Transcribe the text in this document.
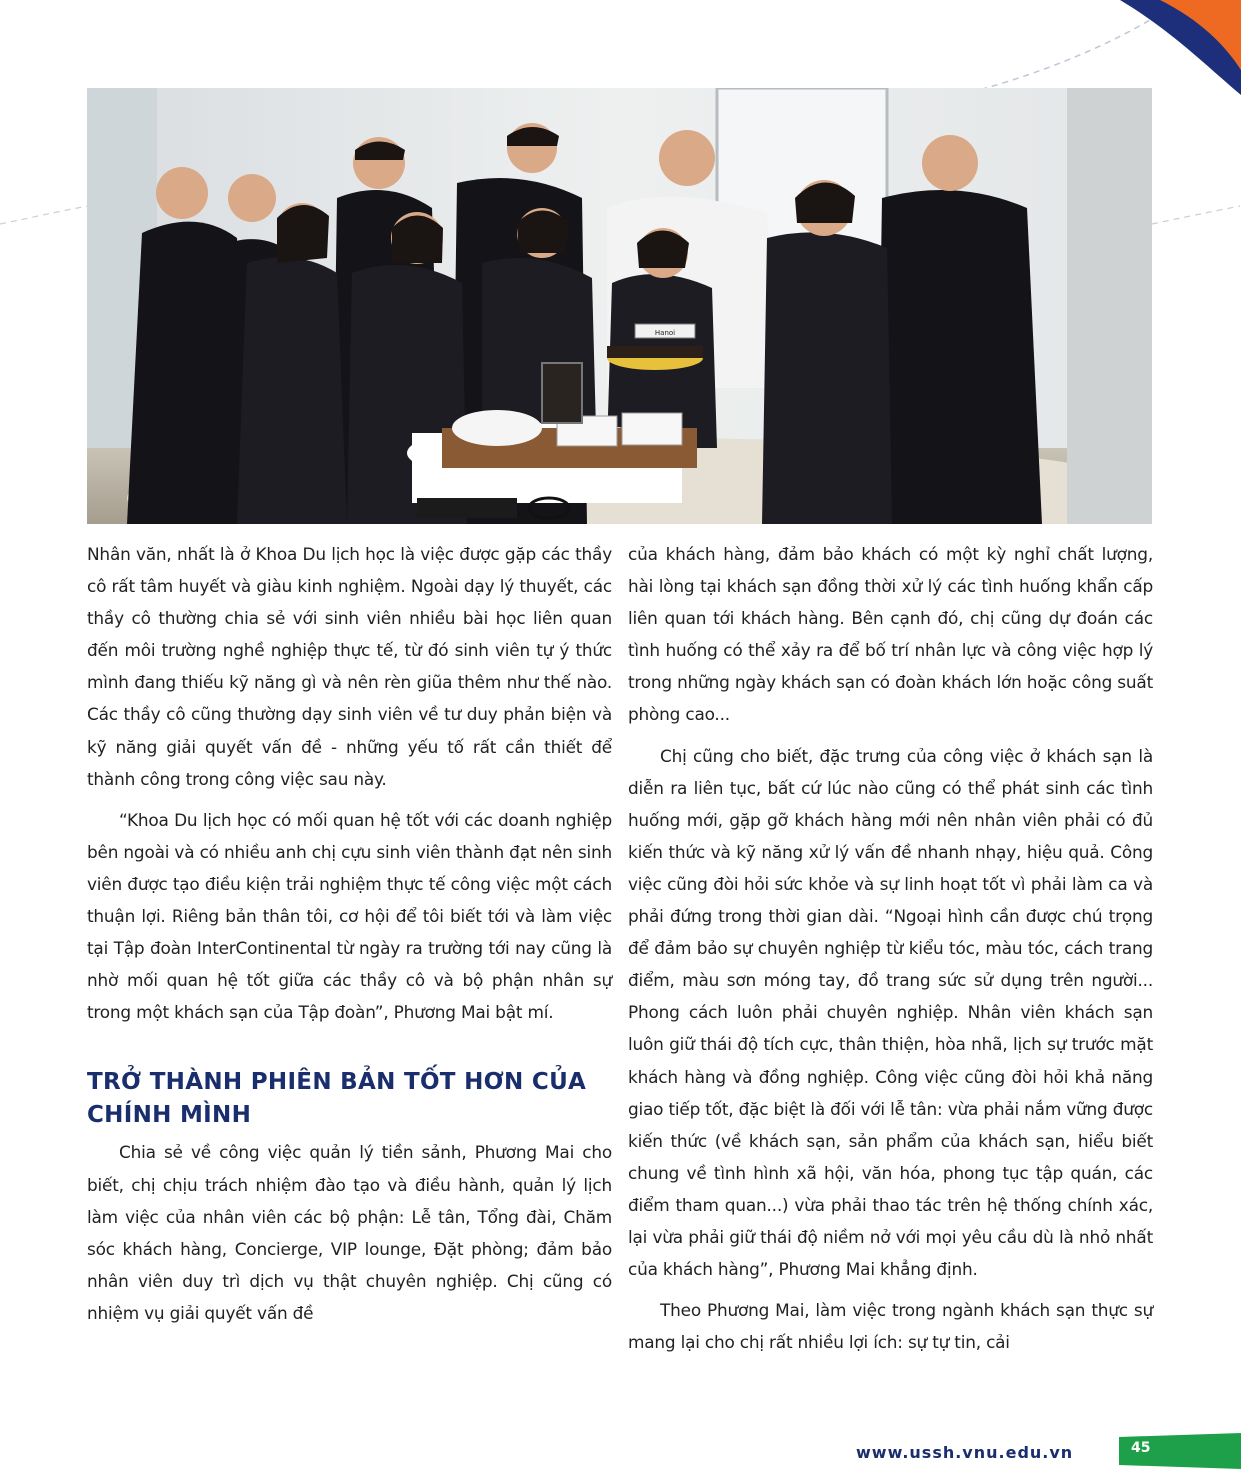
Hanoi

Nhân văn, nhất là ở Khoa Du lịch học là việc được gặp các thầy cô rất tâm huyết và giàu kinh nghiệm. Ngoài dạy lý thuyết, các thầy cô thường chia sẻ với sinh viên nhiều bài học liên quan đến môi trường nghề nghiệp thực tế, từ đó sinh viên tự ý thức mình đang thiếu kỹ năng gì và nên rèn giũa thêm như thế nào. Các thầy cô cũng thường dạy sinh viên về tư duy phản biện và kỹ năng giải quyết vấn đề - những yếu tố rất cần thiết để thành công trong công việc sau này.

“Khoa Du lịch học có mối quan hệ tốt với các doanh nghiệp bên ngoài và có nhiều anh chị cựu sinh viên thành đạt nên sinh viên được tạo điều kiện trải nghiệm thực tế công việc một cách thuận lợi. Riêng bản thân tôi, cơ hội để tôi biết tới và làm việc tại Tập đoàn InterContinental từ ngày ra trường tới nay cũng là nhờ mối quan hệ tốt giữa các thầy cô và bộ phận nhân sự trong một khách sạn của Tập đoàn”, Phương Mai bật mí.

TRỞ THÀNH PHIÊN BẢN TỐT HƠN CỦA CHÍNH MÌNH

Chia sẻ về công việc quản lý tiền sảnh, Phương Mai cho biết, chị chịu trách nhiệm đào tạo và điều hành, quản lý lịch làm việc của nhân viên các bộ phận: Lễ tân, Tổng đài, Chăm sóc khách hàng, Concierge, VIP lounge, Đặt phòng; đảm bảo nhân viên duy trì dịch vụ thật chuyên nghiệp. Chị cũng có nhiệm vụ giải quyết vấn đề

của khách hàng, đảm bảo khách có một kỳ nghỉ chất lượng, hài lòng tại khách sạn đồng thời xử lý các tình huống khẩn cấp liên quan tới khách hàng. Bên cạnh đó, chị cũng dự đoán các tình huống có thể xảy ra để bố trí nhân lực và công việc hợp lý trong những ngày khách sạn có đoàn khách lớn hoặc công suất phòng cao...

Chị cũng cho biết, đặc trưng của công việc ở khách sạn là diễn ra liên tục, bất cứ lúc nào cũng có thể phát sinh các tình huống mới, gặp gỡ khách hàng mới nên nhân viên phải có đủ kiến thức và kỹ năng xử lý vấn đề nhanh nhạy, hiệu quả. Công việc cũng đòi hỏi sức khỏe và sự linh hoạt tốt vì phải làm ca và phải đứng trong thời gian dài. “Ngoại hình cần được chú trọng để đảm bảo sự chuyên nghiệp từ kiểu tóc, màu tóc, cách trang điểm, màu sơn móng tay, đồ trang sức sử dụng trên người... Phong cách luôn phải chuyên nghiệp. Nhân viên khách sạn luôn giữ thái độ tích cực, thân thiện, hòa nhã, lịch sự trước mặt khách hàng và đồng nghiệp. Công việc cũng đòi hỏi khả năng giao tiếp tốt, đặc biệt là đối với lễ tân: vừa phải nắm vững được kiến thức (về khách sạn, sản phẩm của khách sạn, hiểu biết chung về tình hình xã hội, văn hóa, phong tục tập quán, các điểm tham quan...) vừa phải thao tác trên hệ thống chính xác, lại vừa phải giữ thái độ niềm nở với mọi yêu cầu dù là nhỏ nhất của khách hàng”, Phương Mai khẳng định.

Theo Phương Mai, làm việc trong ngành khách sạn thực sự mang lại cho chị rất nhiều lợi ích: sự tự tin, cải

www.ussh.vnu.edu.vn	45
